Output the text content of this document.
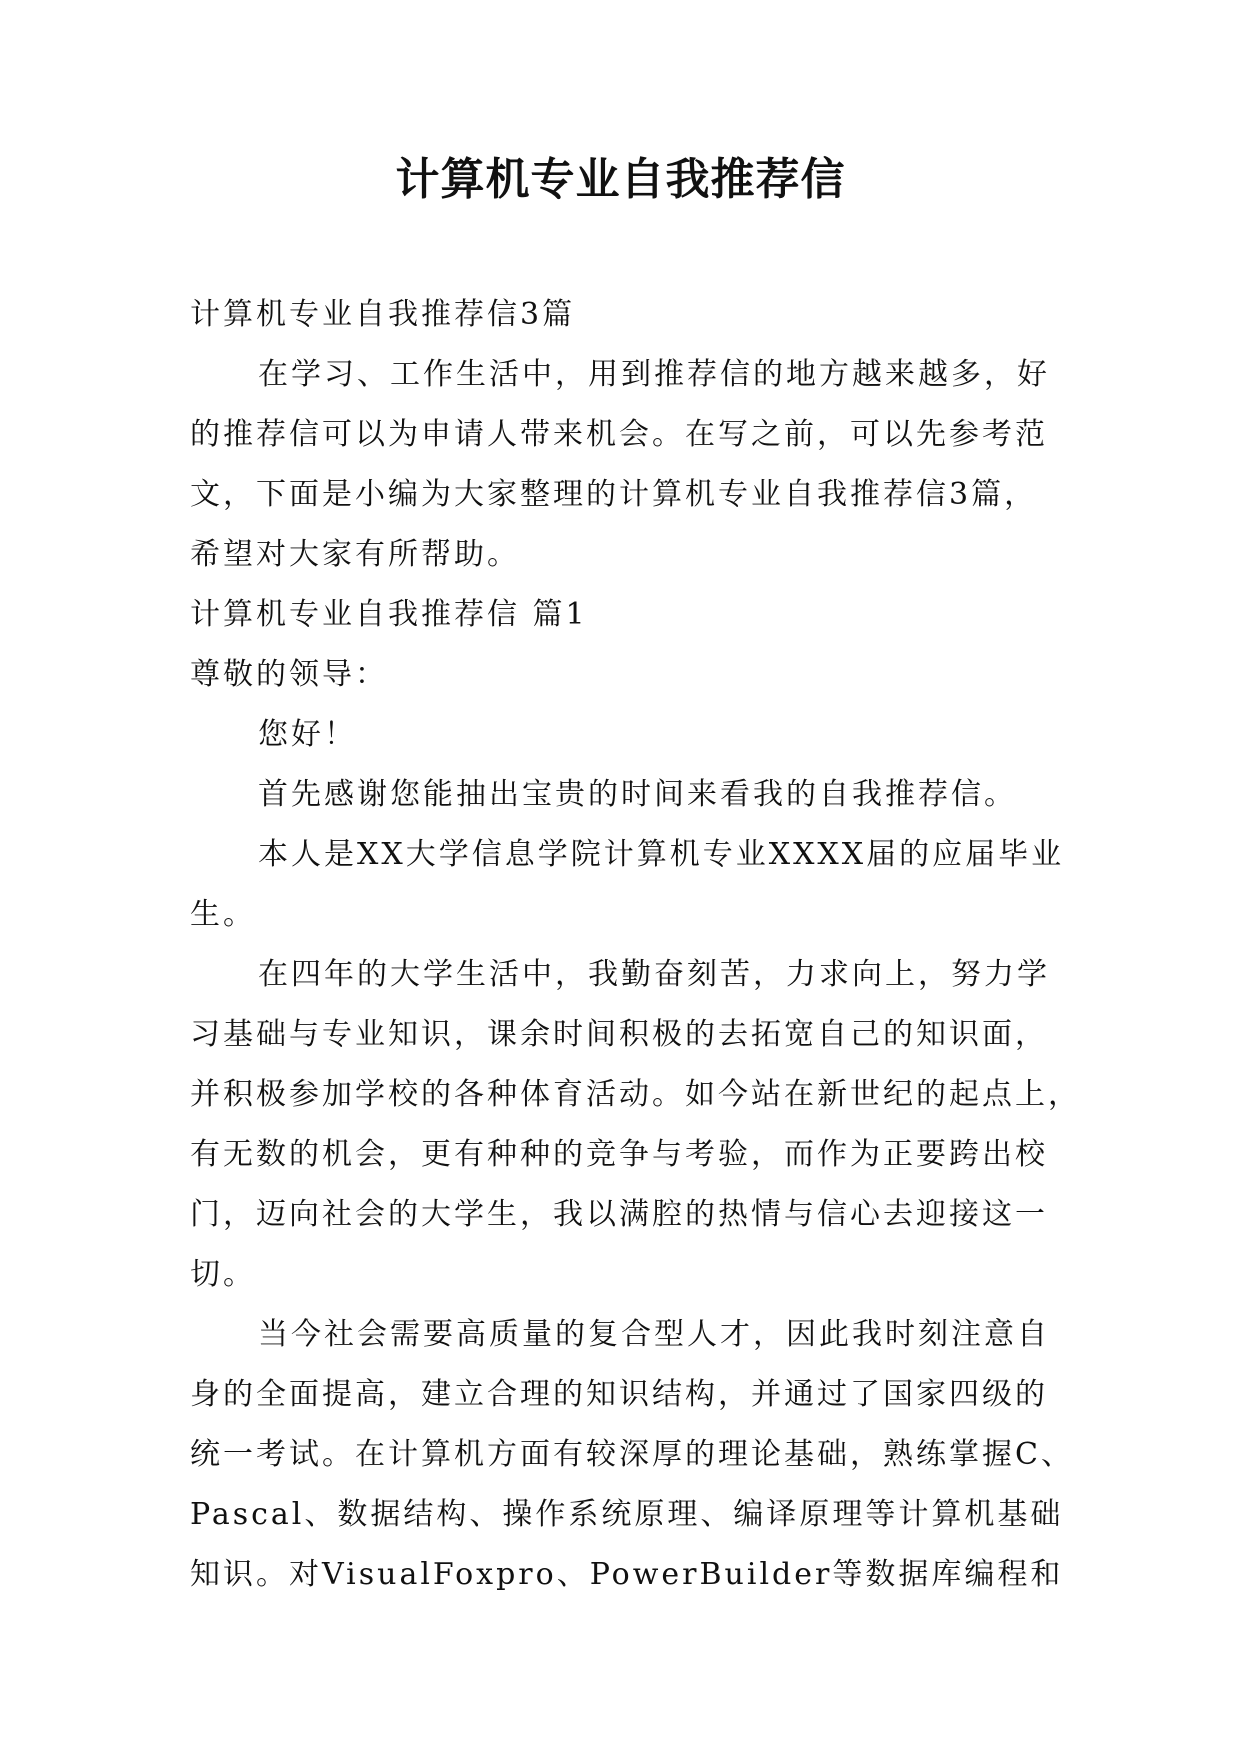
计算机专业自我推荐信

计算机专业自我推荐信3篇

在学习、工作生活中，用到推荐信的地方越来越多，好

的推荐信可以为申请人带来机会。在写之前，可以先参考范

文，下面是小编为大家整理的计算机专业自我推荐信3篇，

希望对大家有所帮助。

计算机专业自我推荐信 篇1

尊敬的领导：

您好！

首先感谢您能抽出宝贵的时间来看我的自我推荐信。

本人是XX大学信息学院计算机专业XXXX届的应届毕业

生。

在四年的大学生活中，我勤奋刻苦，力求向上，努力学

习基础与专业知识，课余时间积极的去拓宽自己的知识面，

并积极参加学校的各种体育活动。如今站在新世纪的起点上，

有无数的机会，更有种种的竞争与考验，而作为正要跨出校

门，迈向社会的大学生，我以满腔的热情与信心去迎接这一

切。

当今社会需要高质量的复合型人才，因此我时刻注意自

身的全面提高，建立合理的知识结构，并通过了国家四级的

统一考试。在计算机方面有较深厚的理论基础，熟练掌握C、

Pascal、数据结构、操作系统原理、编译原理等计算机基础

知识。对VisualFoxpro、PowerBuilder等数据库编程和
